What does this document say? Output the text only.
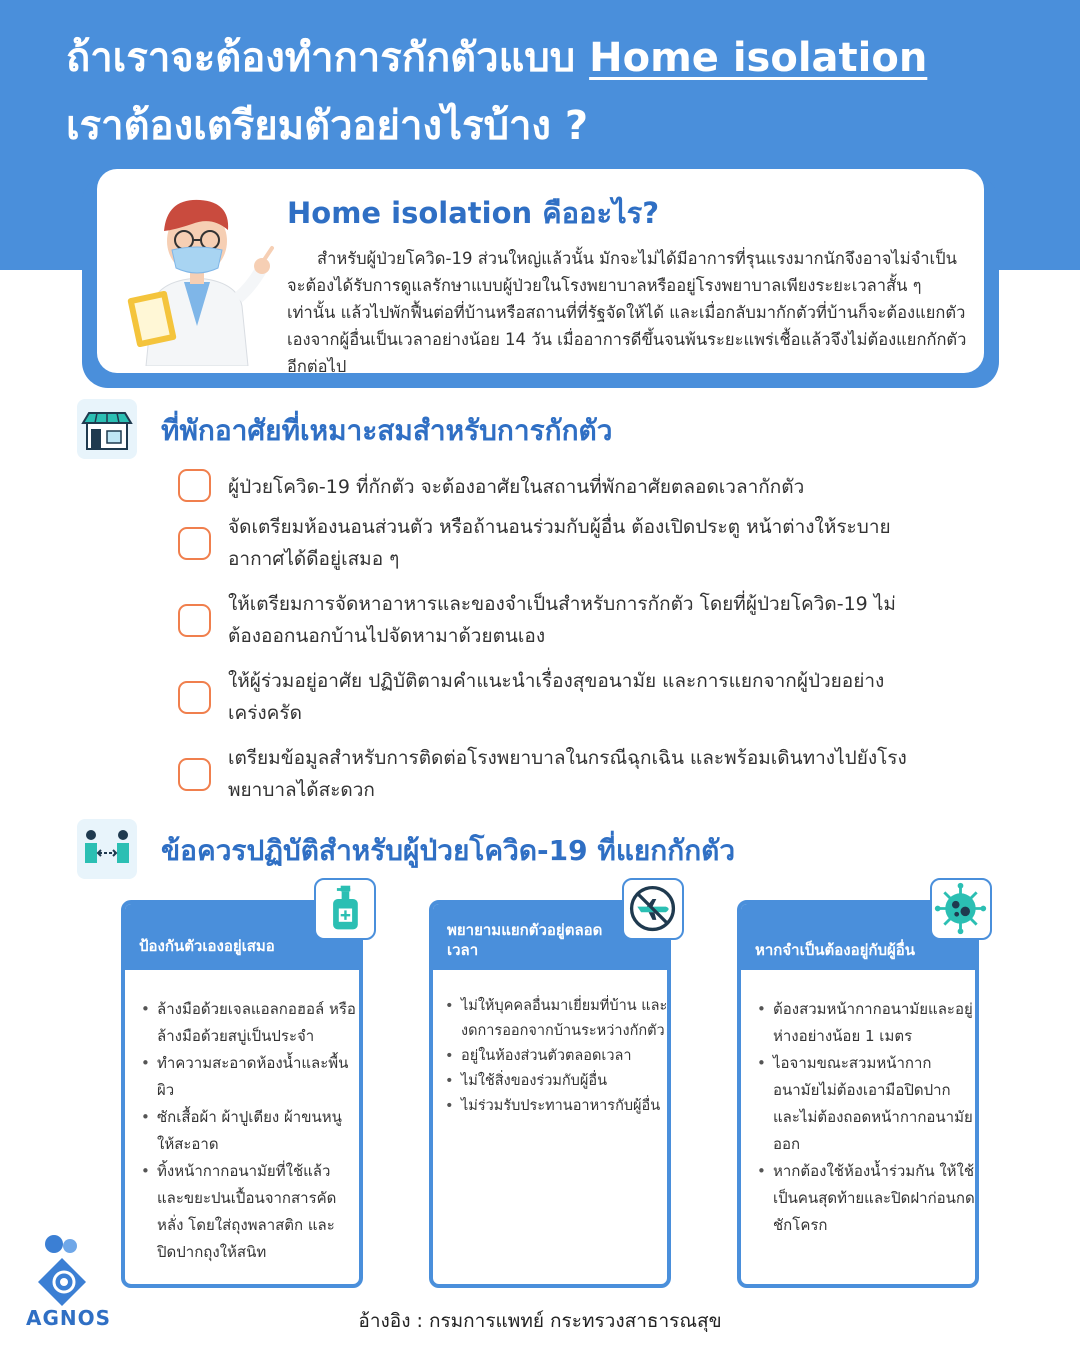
ถ้าเราจะต้องทำการกักตัวแบบ Home isolation
เราต้องเตรียมตัวอย่างไรบ้าง ?
Home isolation คืออะไร?
สำหรับผู้ป่วยโควิด-19 ส่วนใหญ่แล้วนั้น มักจะไม่ได้มีอาการที่รุนแรงมากนักจึงอาจไม่จำเป็นจะต้องได้รับการดูแลรักษาแบบผู้ป่วยในโรงพยาบาลหรืออยู่โรงพยาบาลเพียงระยะเวลาสั้น ๆ เท่านั้น แล้วไปพักฟื้นต่อที่บ้านหรือสถานที่ที่รัฐจัดให้ได้ และเมื่อกลับมากักตัวที่บ้านก็จะต้องแยกตัวเองจากผู้อื่นเป็นเวลาอย่างน้อย 14 วัน เมื่ออาการดีขึ้นจนพ้นระยะแพร่เชื้อแล้วจึงไม่ต้องแยกกักตัวอีกต่อไป
ที่พักอาศัยที่เหมาะสมสำหรับการกักตัว
ผู้ป่วยโควิด-19 ที่กักตัว จะต้องอาศัยในสถานที่พักอาศัยตลอดเวลากักตัว
จัดเตรียมห้องนอนส่วนตัว หรือถ้านอนร่วมกับผู้อื่น ต้องเปิดประตู หน้าต่างให้ระบายอากาศได้ดีอยู่เสมอ ๆ
ให้เตรียมการจัดหาอาหารและของจำเป็นสำหรับการกักตัว โดยที่ผู้ป่วยโควิด-19 ไม่ต้องออกนอกบ้านไปจัดหามาด้วยตนเอง
ให้ผู้ร่วมอยู่อาศัย ปฏิบัติตามคำแนะนำเรื่องสุขอนามัย และการแยกจากผู้ป่วยอย่างเคร่งครัด
เตรียมข้อมูลสำหรับการติดต่อโรงพยาบาลในกรณีฉุกเฉิน และพร้อมเดินทางไปยังโรงพยาบาลได้สะดวก
ข้อควรปฏิบัติสำหรับผู้ป่วยโควิด-19 ที่แยกกักตัว
ป้องกันตัวเองอยู่เสมอ
• ล้างมือด้วยเจลแอลกอฮอล์ หรือล้างมือด้วยสบู่เป็นประจำ
• ทำความสะอาดห้องน้ำและพื้นผิว
• ซักเสื้อผ้า ผ้าปูเตียง ผ้าขนหนู ให้สะอาด
• ทิ้งหน้ากากอนามัยที่ใช้แล้ว และขยะปนเปื้อนจากสารคัดหลั่ง โดยใส่ถุงพลาสติก และปิดปากถุงให้สนิท
พยายามแยกตัวอยู่ตลอดเวลา
• ไม่ให้บุคคลอื่นมาเยี่ยมที่บ้าน และงดการออกจากบ้านระหว่างกักตัว
• อยู่ในห้องส่วนตัวตลอดเวลา
• ไม่ใช้สิ่งของร่วมกับผู้อื่น
• ไม่ร่วมรับประทานอาหารกับผู้อื่น
หากจำเป็นต้องอยู่กับผู้อื่น
• ต้องสวมหน้ากากอนามัยและอยู่ห่างอย่างน้อย 1 เมตร
• ไอจามขณะสวมหน้ากากอนามัยไม่ต้องเอามือปิดปาก และไม่ต้องถอดหน้ากากอนามัยออก
• หากต้องใช้ห้องน้ำร่วมกัน ให้ใช้เป็นคนสุดท้ายและปิดฝาก่อนกดชักโครก
AGNOS	อ้างอิง : กรมการแพทย์ กระทรวงสาธารณสุข
